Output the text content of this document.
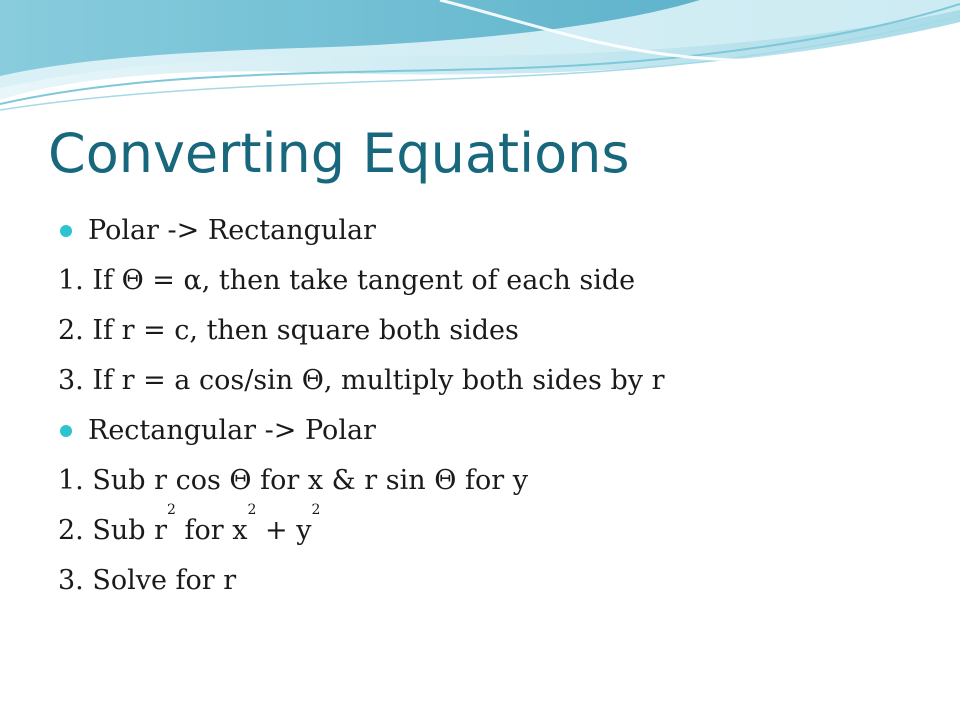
Converting Equations
Polar -> Rectangular
1. If Θ = α, then take tangent of each side
2. If r = c, then square both sides
3. If r = a cos/sin Θ, multiply both sides by r
Rectangular -> Polar
1. Sub r cos Θ for x & r sin Θ for y
2. Sub $r^2$ for $x^2 + y^2$
3. Solve for r
